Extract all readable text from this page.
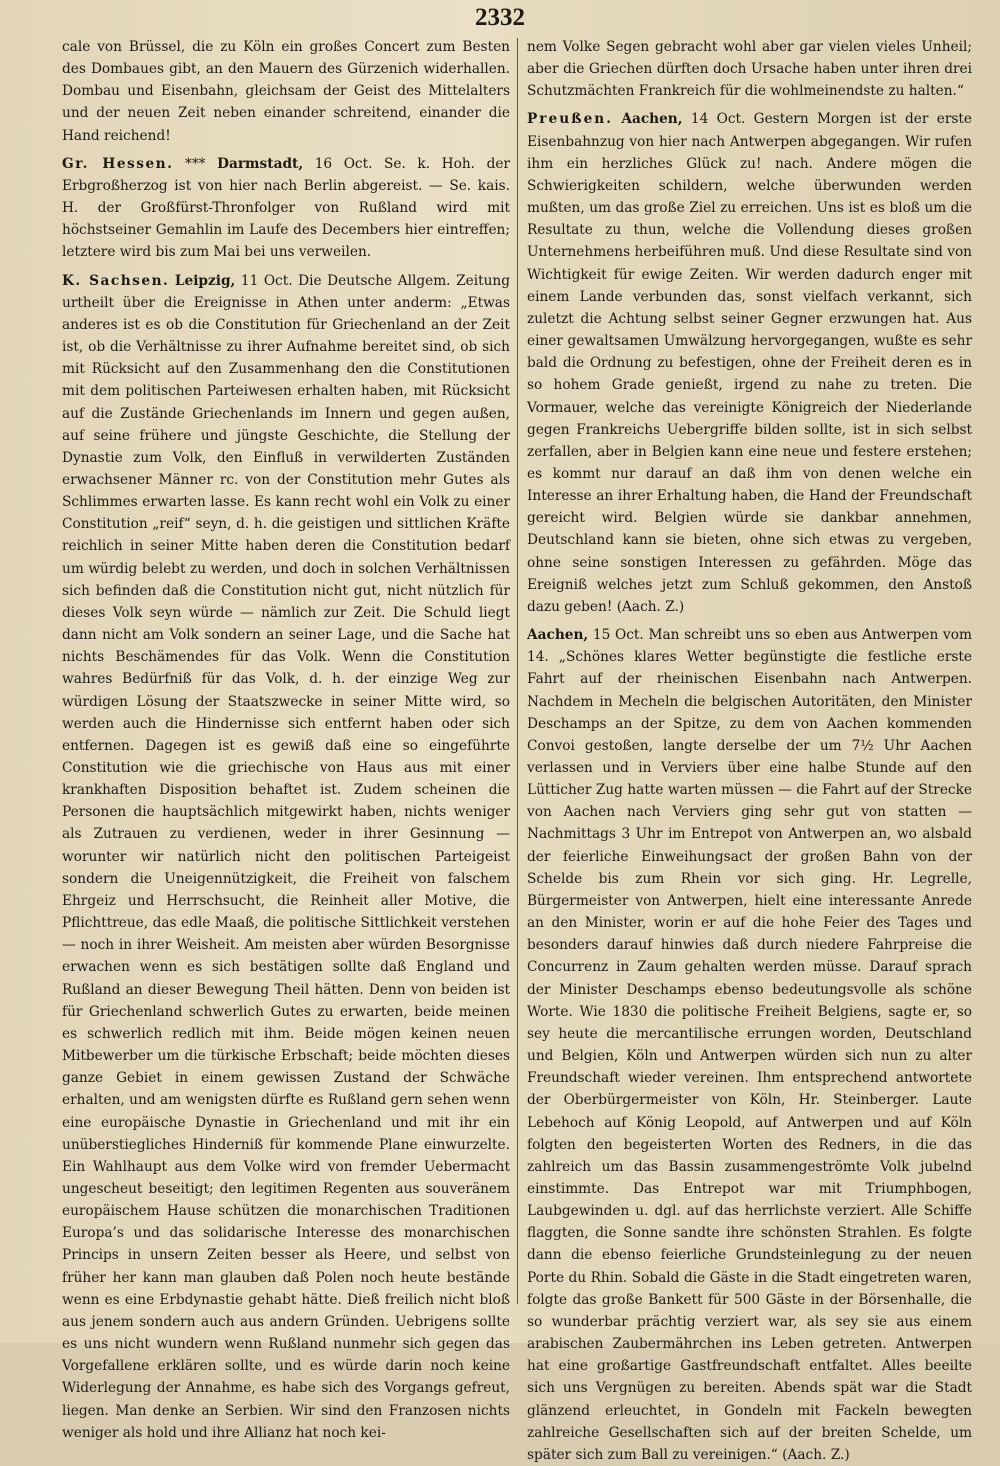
2332

cale von Brüssel, die zu Köln ein großes Concert zum Besten des Dombaues gibt, an den Mauern des Gürzenich widerhallen. Dombau und Eisenbahn, gleichsam der Geist des Mittelalters und der neuen Zeit neben einander schreitend, einander die Hand reichend!

Gr. Hessen. *** Darmstadt, 16 Oct. Se. k. Hoh. der Erbgroßherzog ist von hier nach Berlin abgereist. — Se. kais. H. der Großfürst-Thronfolger von Rußland wird mit höchstseiner Gemahlin im Laufe des Decembers hier eintreffen; letztere wird bis zum Mai bei uns verweilen.

K. Sachsen. Leipzig, 11 Oct. Die Deutsche Allgem. Zeitung urtheilt über die Ereignisse in Athen unter anderm: „Etwas anderes ist es ob die Constitution für Griechenland an der Zeit ist, ob die Verhältnisse zu ihrer Aufnahme bereitet sind, ob sich mit Rücksicht auf den Zusammenhang den die Constitutionen mit dem politischen Parteiwesen erhalten haben, mit Rücksicht auf die Zustände Griechenlands im Innern und gegen außen, auf seine frühere und jüngste Geschichte, die Stellung der Dynastie zum Volk, den Einfluß in verwilderten Zuständen erwachsener Männer rc. von der Constitution mehr Gutes als Schlimmes erwarten lasse. Es kann recht wohl ein Volk zu einer Constitution „reif“ seyn, d. h. die geistigen und sittlichen Kräfte reichlich in seiner Mitte haben deren die Constitution bedarf um würdig belebt zu werden, und doch in solchen Verhältnissen sich befinden daß die Constitution nicht gut, nicht nützlich für dieses Volk seyn würde — nämlich zur Zeit. Die Schuld liegt dann nicht am Volk sondern an seiner Lage, und die Sache hat nichts Beschämendes für das Volk. Wenn die Constitution wahres Bedürfniß für das Volk, d. h. der einzige Weg zur würdigen Lösung der Staatszwecke in seiner Mitte wird, so werden auch die Hindernisse sich entfernt haben oder sich entfernen. Dagegen ist es gewiß daß eine so eingeführte Constitution wie die griechische von Haus aus mit einer krankhaften Disposition behaftet ist. Zudem scheinen die Personen die hauptsächlich mitgewirkt haben, nichts weniger als Zutrauen zu verdienen, weder in ihrer Gesinnung — worunter wir natürlich nicht den politischen Parteigeist sondern die Uneigennützigkeit, die Freiheit von falschem Ehrgeiz und Herrschsucht, die Reinheit aller Motive, die Pflichttreue, das edle Maaß, die politische Sittlichkeit verstehen — noch in ihrer Weisheit. Am meisten aber würden Besorgnisse erwachen wenn es sich bestätigen sollte daß England und Rußland an dieser Bewegung Theil hätten. Denn von beiden ist für Griechenland schwerlich Gutes zu erwarten, beide meinen es schwerlich redlich mit ihm. Beide mögen keinen neuen Mitbewerber um die türkische Erbschaft; beide möchten dieses ganze Gebiet in einem gewissen Zustand der Schwäche erhalten, und am wenigsten dürfte es Rußland gern sehen wenn eine europäische Dynastie in Griechenland und mit ihr ein unüberstiegliches Hinderniß für kommende Plane einwurzelte. Ein Wahlhaupt aus dem Volke wird von fremder Uebermacht ungescheut beseitigt; den legitimen Regenten aus souveränem europäischem Hause schützen die monarchischen Traditionen Europa’s und das solidarische Interesse des monarchischen Princips in unsern Zeiten besser als Heere, und selbst von früher her kann man glauben daß Polen noch heute bestände wenn es eine Erbdynastie gehabt hätte. Dieß freilich nicht bloß aus jenem sondern auch aus andern Gründen. Uebrigens sollte es uns nicht wundern wenn Rußland nunmehr sich gegen das Vorgefallene erklären sollte, und es würde darin noch keine Widerlegung der Annahme, es habe sich des Vorgangs gefreut, liegen. Man denke an Serbien. Wir sind den Franzosen nichts weniger als hold und ihre Allianz hat noch kei-

nem Volke Segen gebracht wohl aber gar vielen vieles Unheil; aber die Griechen dürften doch Ursache haben unter ihren drei Schutzmächten Frankreich für die wohlmeinendste zu halten.“

Preußen. Aachen, 14 Oct. Gestern Morgen ist der erste Eisenbahnzug von hier nach Antwerpen abgegangen. Wir rufen ihm ein herzliches Glück zu! nach. Andere mögen die Schwierigkeiten schildern, welche überwunden werden mußten, um das große Ziel zu erreichen. Uns ist es bloß um die Resultate zu thun, welche die Vollendung dieses großen Unternehmens herbeiführen muß. Und diese Resultate sind von Wichtigkeit für ewige Zeiten. Wir werden dadurch enger mit einem Lande verbunden das, sonst vielfach verkannt, sich zuletzt die Achtung selbst seiner Gegner erzwungen hat. Aus einer gewaltsamen Umwälzung hervorgegangen, wußte es sehr bald die Ordnung zu befestigen, ohne der Freiheit deren es in so hohem Grade genießt, irgend zu nahe zu treten. Die Vormauer, welche das vereinigte Königreich der Niederlande gegen Frankreichs Uebergriffe bilden sollte, ist in sich selbst zerfallen, aber in Belgien kann eine neue und festere erstehen; es kommt nur darauf an daß ihm von denen welche ein Interesse an ihrer Erhaltung haben, die Hand der Freundschaft gereicht wird. Belgien würde sie dankbar annehmen, Deutschland kann sie bieten, ohne sich etwas zu vergeben, ohne seine sonstigen Interessen zu gefährden. Möge das Ereigniß welches jetzt zum Schluß gekommen, den Anstoß dazu geben! (Aach. Z.)

Aachen, 15 Oct. Man schreibt uns so eben aus Antwerpen vom 14. „Schönes klares Wetter begünstigte die festliche erste Fahrt auf der rheinischen Eisenbahn nach Antwerpen. Nachdem in Mecheln die belgischen Autoritäten, den Minister Deschamps an der Spitze, zu dem von Aachen kommenden Convoi gestoßen, langte derselbe der um 7½ Uhr Aachen verlassen und in Verviers über eine halbe Stunde auf den Lütticher Zug hatte warten müssen — die Fahrt auf der Strecke von Aachen nach Verviers ging sehr gut von statten — Nachmittags 3 Uhr im Entrepot von Antwerpen an, wo alsbald der feierliche Einweihungsact der großen Bahn von der Schelde bis zum Rhein vor sich ging. Hr. Legrelle, Bürgermeister von Antwerpen, hielt eine interessante Anrede an den Minister, worin er auf die hohe Feier des Tages und besonders darauf hinwies daß durch niedere Fahrpreise die Concurrenz in Zaum gehalten werden müsse. Darauf sprach der Minister Deschamps ebenso bedeutungsvolle als schöne Worte. Wie 1830 die politische Freiheit Belgiens, sagte er, so sey heute die mercantilische errungen worden, Deutschland und Belgien, Köln und Antwerpen würden sich nun zu alter Freundschaft wieder vereinen. Ihm entsprechend antwortete der Oberbürgermeister von Köln, Hr. Steinberger. Laute Lebehoch auf König Leopold, auf Antwerpen und auf Köln folgten den begeisterten Worten des Redners, in die das zahlreich um das Bassin zusammengeströmte Volk jubelnd einstimmte. Das Entrepot war mit Triumphbogen, Laubgewinden u. dgl. auf das herrlichste verziert. Alle Schiffe flaggten, die Sonne sandte ihre schönsten Strahlen. Es folgte dann die ebenso feierliche Grundsteinlegung zu der neuen Porte du Rhin. Sobald die Gäste in die Stadt eingetreten waren, folgte das große Bankett für 500 Gäste in der Börsenhalle, die so wunderbar prächtig verziert war, als sey sie aus einem arabischen Zaubermährchen ins Leben getreten. Antwerpen hat eine großartige Gastfreundschaft entfaltet. Alles beeilte sich uns Vergnügen zu bereiten. Abends spät war die Stadt glänzend erleuchtet, in Gondeln mit Fackeln bewegten zahlreiche Gesellschaften sich auf der breiten Schelde, um später sich zum Ball zu vereinigen.“ (Aach. Z.)
